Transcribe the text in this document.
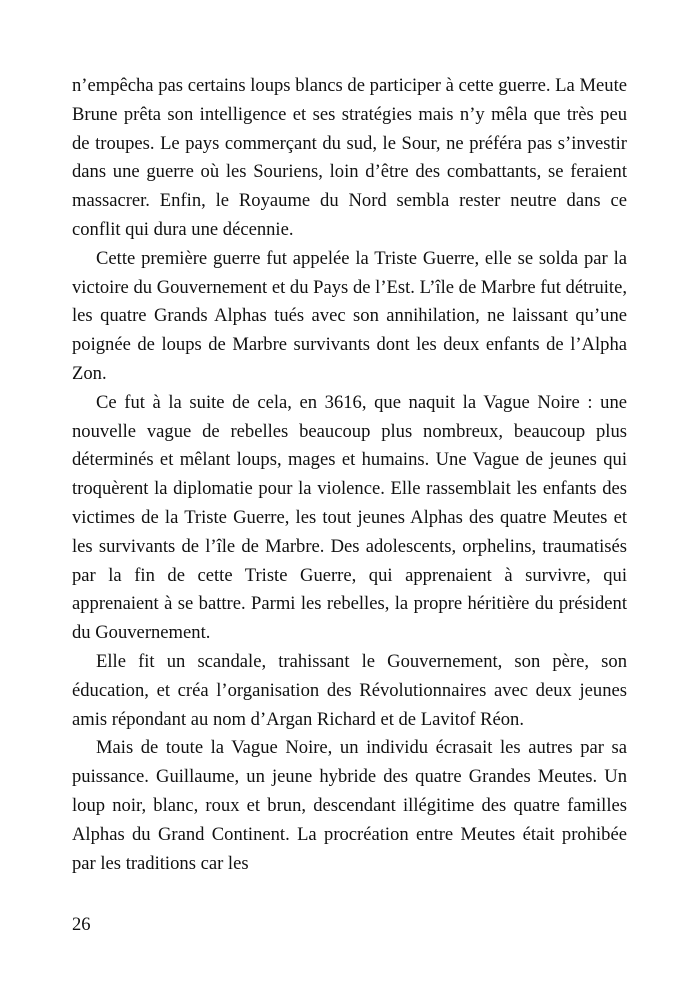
n’empêcha pas certains loups blancs de participer à cette guerre. La Meute Brune prêta son intelligence et ses stratégies mais n’y mêla que très peu de troupes. Le pays commerçant du sud, le Sour, ne préféra pas s’investir dans une guerre où les Souriens, loin d’être des combattants, se feraient massacrer. Enfin, le Royaume du Nord sembla rester neutre dans ce conflit qui dura une décennie.

Cette première guerre fut appelée la Triste Guerre, elle se solda par la victoire du Gouvernement et du Pays de l’Est. L’île de Marbre fut détruite, les quatre Grands Alphas tués avec son annihilation, ne laissant qu’une poignée de loups de Marbre survivants dont les deux enfants de l’Alpha Zon.

Ce fut à la suite de cela, en 3616, que naquit la Vague Noire : une nouvelle vague de rebelles beaucoup plus nombreux, beaucoup plus déterminés et mêlant loups, mages et humains. Une Vague de jeunes qui troquèrent la diplomatie pour la violence. Elle rassemblait les enfants des victimes de la Triste Guerre, les tout jeunes Alphas des quatre Meutes et les survivants de l’île de Marbre. Des adolescents, orphelins, traumatisés par la fin de cette Triste Guerre, qui apprenaient à survivre, qui apprenaient à se battre. Parmi les rebelles, la propre héritière du président du Gouvernement.

Elle fit un scandale, trahissant le Gouvernement, son père, son éducation, et créa l’organisation des Révolutionnaires avec deux jeunes amis répondant au nom d’Argan Richard et de Lavitof Réon.

Mais de toute la Vague Noire, un individu écrasait les autres par sa puissance. Guillaume, un jeune hybride des quatre Grandes Meutes. Un loup noir, blanc, roux et brun, descendant illégitime des quatre familles Alphas du Grand Continent. La procréation entre Meutes était prohibée par les traditions car les

26
